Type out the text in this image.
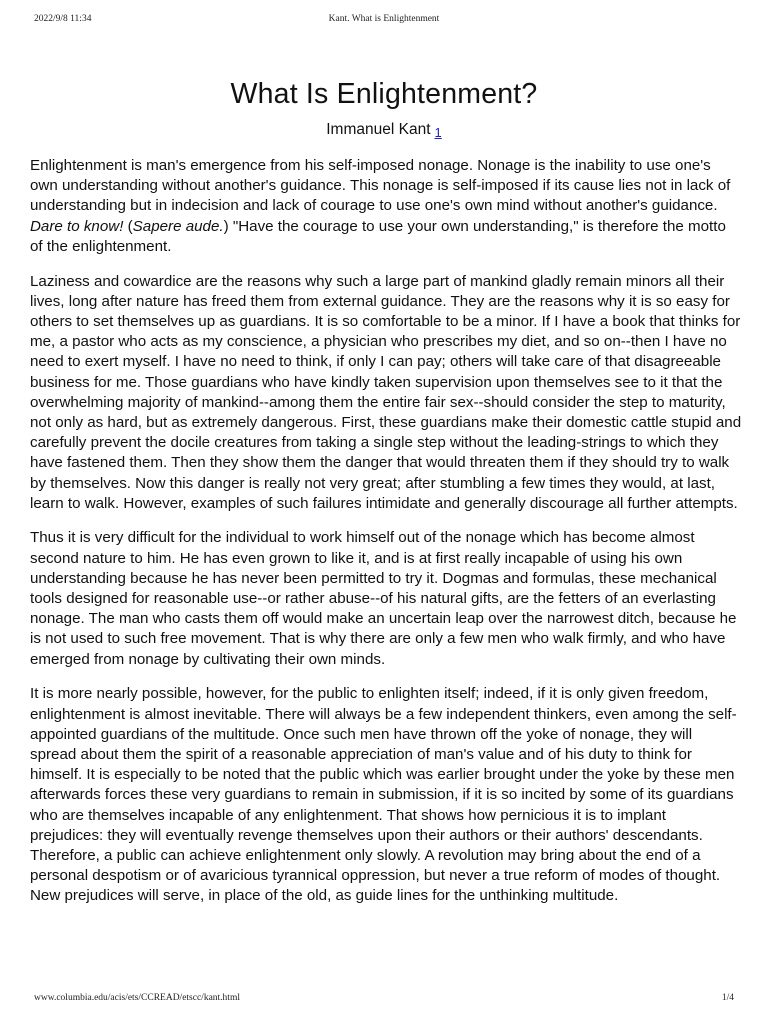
2022/9/8 11:34	Kant. What is Enlightenment
What Is Enlightenment?
Immanuel Kant 1

Enlightenment is man's emergence from his self-imposed nonage. Nonage is the inability to use one's own understanding without another's guidance. This nonage is self-imposed if its cause lies not in lack of understanding but in indecision and lack of courage to use one's own mind without another's guidance. Dare to know! (Sapere aude.) "Have the courage to use your own understanding," is therefore the motto of the enlightenment.

Laziness and cowardice are the reasons why such a large part of mankind gladly remain minors all their lives, long after nature has freed them from external guidance. They are the reasons why it is so easy for others to set themselves up as guardians. It is so comfortable to be a minor. If I have a book that thinks for me, a pastor who acts as my conscience, a physician who prescribes my diet, and so on--then I have no need to exert myself. I have no need to think, if only I can pay; others will take care of that disagreeable business for me. Those guardians who have kindly taken supervision upon themselves see to it that the overwhelming majority of mankind--among them the entire fair sex--should consider the step to maturity, not only as hard, but as extremely dangerous. First, these guardians make their domestic cattle stupid and carefully prevent the docile creatures from taking a single step without the leading-strings to which they have fastened them. Then they show them the danger that would threaten them if they should try to walk by themselves. Now this danger is really not very great; after stumbling a few times they would, at last, learn to walk. However, examples of such failures intimidate and generally discourage all further attempts.

Thus it is very difficult for the individual to work himself out of the nonage which has become almost second nature to him. He has even grown to like it, and is at first really incapable of using his own understanding because he has never been permitted to try it. Dogmas and formulas, these mechanical tools designed for reasonable use--or rather abuse--of his natural gifts, are the fetters of an everlasting nonage. The man who casts them off would make an uncertain leap over the narrowest ditch, because he is not used to such free movement. That is why there are only a few men who walk firmly, and who have emerged from nonage by cultivating their own minds.

It is more nearly possible, however, for the public to enlighten itself; indeed, if it is only given freedom, enlightenment is almost inevitable. There will always be a few independent thinkers, even among the self-appointed guardians of the multitude. Once such men have thrown off the yoke of nonage, they will spread about them the spirit of a reasonable appreciation of man's value and of his duty to think for himself. It is especially to be noted that the public which was earlier brought under the yoke by these men afterwards forces these very guardians to remain in submission, if it is so incited by some of its guardians who are themselves incapable of any enlightenment. That shows how pernicious it is to implant prejudices: they will eventually revenge themselves upon their authors or their authors' descendants. Therefore, a public can achieve enlightenment only slowly. A revolution may bring about the end of a personal despotism or of avaricious tyrannical oppression, but never a true reform of modes of thought. New prejudices will serve, in place of the old, as guide lines for the unthinking multitude.

www.columbia.edu/acis/ets/CCREAD/etscc/kant.html	1/4
